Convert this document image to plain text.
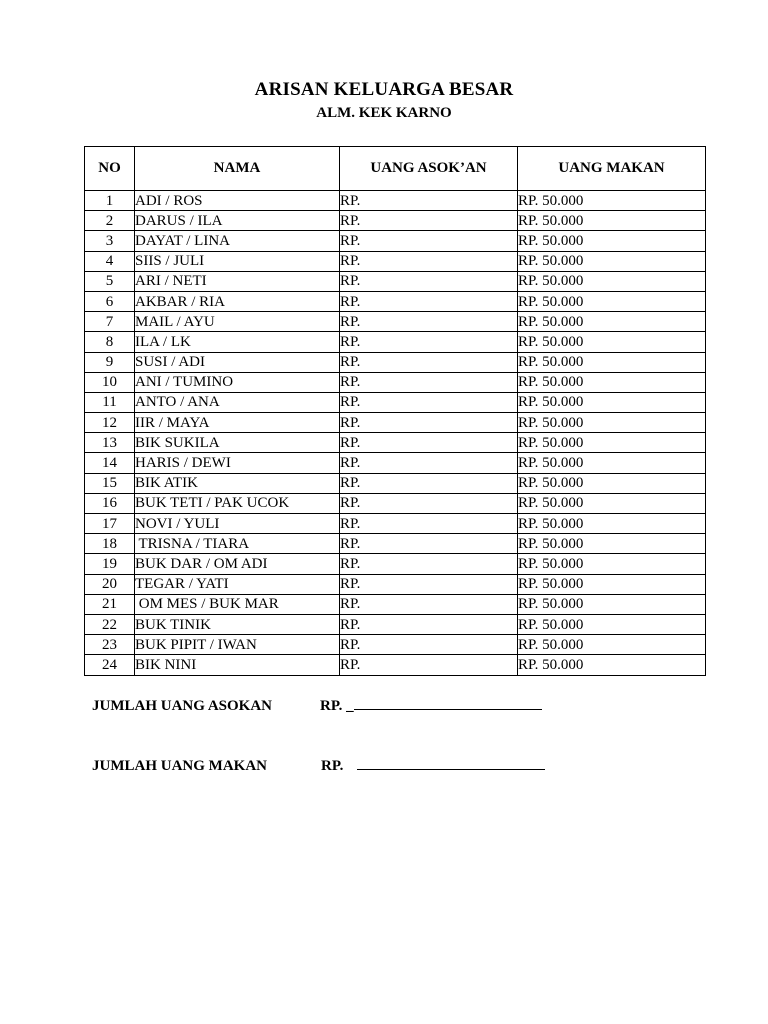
ARISAN KELUARGA BESAR
ALM. KEK KARNO
NO	NAMA	UANG ASOK’AN	UANG MAKAN
1	ADI / ROS	RP.	RP. 50.000
2	DARUS / ILA	RP.	RP. 50.000
3	DAYAT / LINA	RP.	RP. 50.000
4	SIIS / JULI	RP.	RP. 50.000
5	ARI / NETI	RP.	RP. 50.000
6	AKBAR / RIA	RP.	RP. 50.000
7	MAIL / AYU	RP.	RP. 50.000
8	ILA / LK	RP.	RP. 50.000
9	SUSI / ADI	RP.	RP. 50.000
10	ANI / TUMINO	RP.	RP. 50.000
11	ANTO / ANA	RP.	RP. 50.000
12	IIR / MAYA	RP.	RP. 50.000
13	BIK SUKILA	RP.	RP. 50.000
14	HARIS / DEWI	RP.	RP. 50.000
15	BIK ATIK	RP.	RP. 50.000
16	BUK TETI / PAK UCOK	RP.	RP. 50.000
17	NOVI / YULI	RP.	RP. 50.000
18	TRISNA / TIARA	RP.	RP. 50.000
19	BUK DAR / OM ADI	RP.	RP. 50.000
20	TEGAR / YATI	RP.	RP. 50.000
21	OM MES / BUK MAR	RP.	RP. 50.000
22	BUK TINIK	RP.	RP. 50.000
23	BUK PIPIT / IWAN	RP.	RP. 50.000
24	BIK NINI	RP.	RP. 50.000
JUMLAH UANG ASOKAN	RP. _
JUMLAH UANG MAKAN	RP.
